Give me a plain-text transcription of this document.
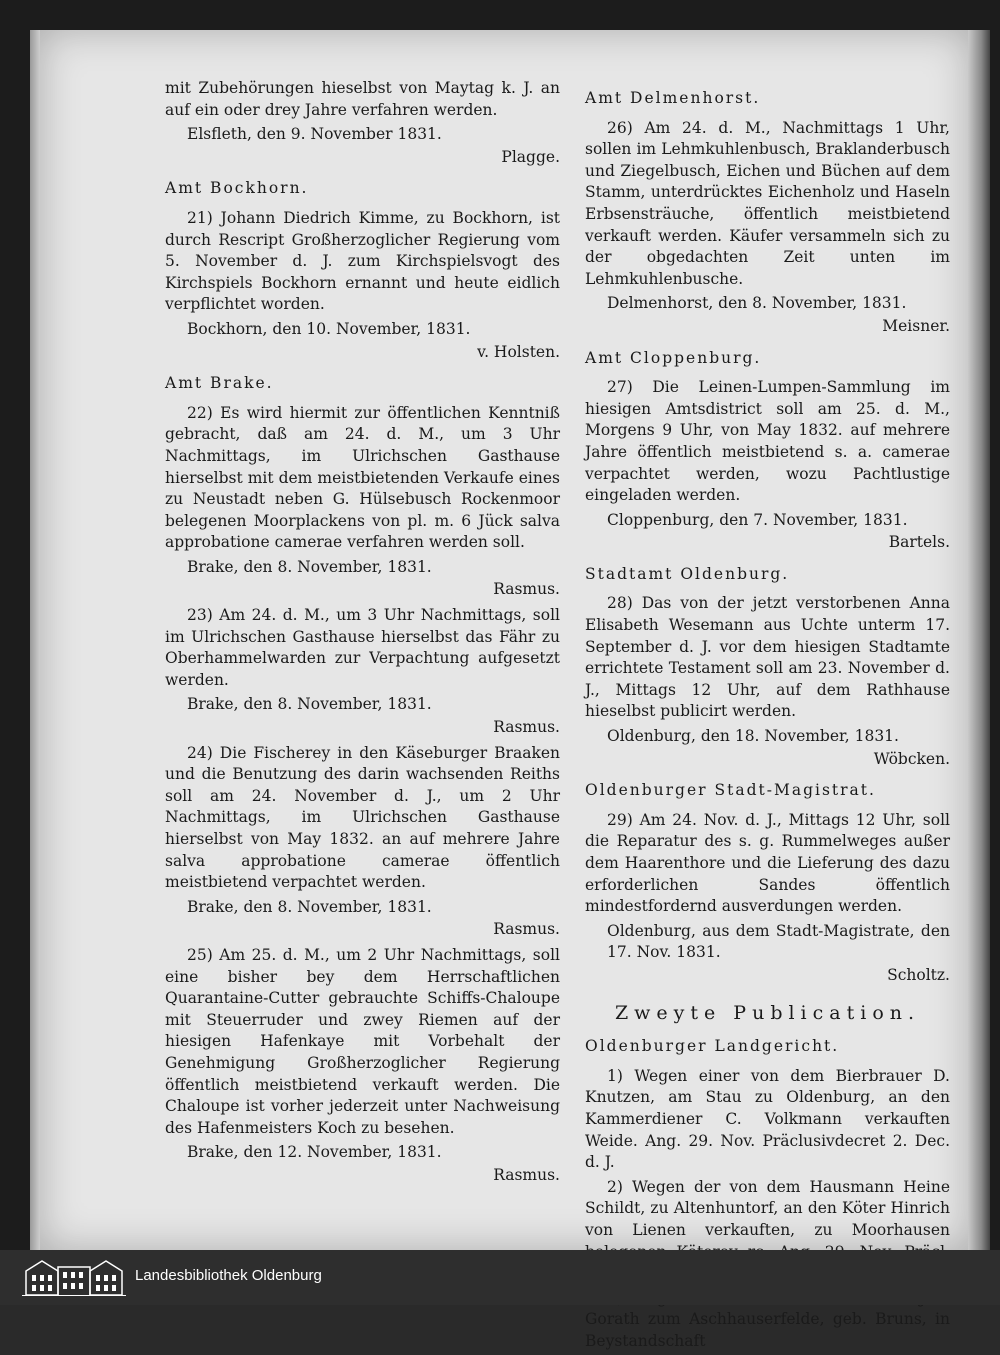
mit Zubehörungen hieselbst von Maytag k. J. an auf ein oder drey Jahre verfahren werden.

Elsfleth, den 9. November 1831.

Plagge.

Amt Bockhorn.

21) Johann Diedrich Kimme, zu Bockhorn, ist durch Rescript Großherzoglicher Regierung vom 5. November d. J. zum Kirchspielsvogt des Kirchspiels Bockhorn ernannt und heute eidlich verpflichtet worden.

Bockhorn, den 10. November, 1831.

v. Holsten.

Amt Brake.

22) Es wird hiermit zur öffentlichen Kenntniß gebracht, daß am 24. d. M., um 3 Uhr Nachmittags, im Ulrichschen Gasthause hierselbst mit dem meistbietenden Verkaufe eines zu Neustadt neben G. Hülsebusch Rockenmoor belegenen Moorplackens von pl. m. 6 Jück salva approbatione camerae verfahren werden soll.

Brake, den 8. November, 1831.

Rasmus.

23) Am 24. d. M., um 3 Uhr Nachmittags, soll im Ulrichschen Gasthause hierselbst das Fähr zu Oberhammelwarden zur Verpachtung aufgesetzt werden.

Brake, den 8. November, 1831.

Rasmus.

24) Die Fischerey in den Käseburger Braaken und die Benutzung des darin wachsenden Reiths soll am 24. November d. J., um 2 Uhr Nachmittags, im Ulrichschen Gasthause hierselbst von May 1832. an auf mehrere Jahre salva approbatione camerae öffentlich meistbietend verpachtet werden.

Brake, den 8. November, 1831.

Rasmus.

25) Am 25. d. M., um 2 Uhr Nachmittags, soll eine bisher bey dem Herrschaftlichen Quarantaine-Cutter gebrauchte Schiffs-Chaloupe mit Steuerruder und zwey Riemen auf der hiesigen Hafenkaye mit Vorbehalt der Genehmigung Großherzoglicher Regierung öffentlich meistbietend verkauft werden. Die Chaloupe ist vorher jederzeit unter Nachweisung des Hafenmeisters Koch zu besehen.

Brake, den 12. November, 1831.

Rasmus.

Amt Delmenhorst.

26) Am 24. d. M., Nachmittags 1 Uhr, sollen im Lehmkuhlenbusch, Braklanderbusch und Ziegelbusch, Eichen und Büchen auf dem Stamm, unterdrücktes Eichenholz und Haseln Erbsensträuche, öffentlich meistbietend verkauft werden. Käufer versammeln sich zu der obgedachten Zeit unten im Lehmkuhlenbusche.

Delmenhorst, den 8. November, 1831.

Meisner.

Amt Cloppenburg.

27) Die Leinen-Lumpen-Sammlung im hiesigen Amtsdistrict soll am 25. d. M., Morgens 9 Uhr, von May 1832. auf mehrere Jahre öffentlich meistbietend s. a. camerae verpachtet werden, wozu Pachtlustige eingeladen werden.

Cloppenburg, den 7. November, 1831.

Bartels.

Stadtamt Oldenburg.

28) Das von der jetzt verstorbenen Anna Elisabeth Wesemann aus Uchte unterm 17. September d. J. vor dem hiesigen Stadtamte errichtete Testament soll am 23. November d. J., Mittags 12 Uhr, auf dem Rathhause hieselbst publicirt werden.

Oldenburg, den 18. November, 1831.

Wöbcken.

Oldenburger Stadt-Magistrat.

29) Am 24. Nov. d. J., Mittags 12 Uhr, soll die Reparatur des s. g. Rummelweges außer dem Haarenthore und die Lieferung des dazu erforderlichen Sandes öffentlich mindestfordernd ausverdungen werden.

Oldenburg, aus dem Stadt-Magistrate, den 17. Nov. 1831.

Scholtz.

Zweyte Publication.

Oldenburger Landgericht.

1) Wegen einer von dem Bierbrauer D. Knutzen, am Stau zu Oldenburg, an den Kammerdiener C. Volkmann verkauften Weide. Ang. 29. Nov. Präclusivdecret 2. Dec. d. J.

2) Wegen der von dem Hausmann Heine Schildt, zu Altenhuntorf, an den Köter Hinrich von Lienen verkauften, zu Moorhausen

Gorath zum Aschhauserfelde, geb. Bruns, in Beystandschaft

Landesbibliothek Oldenburg
